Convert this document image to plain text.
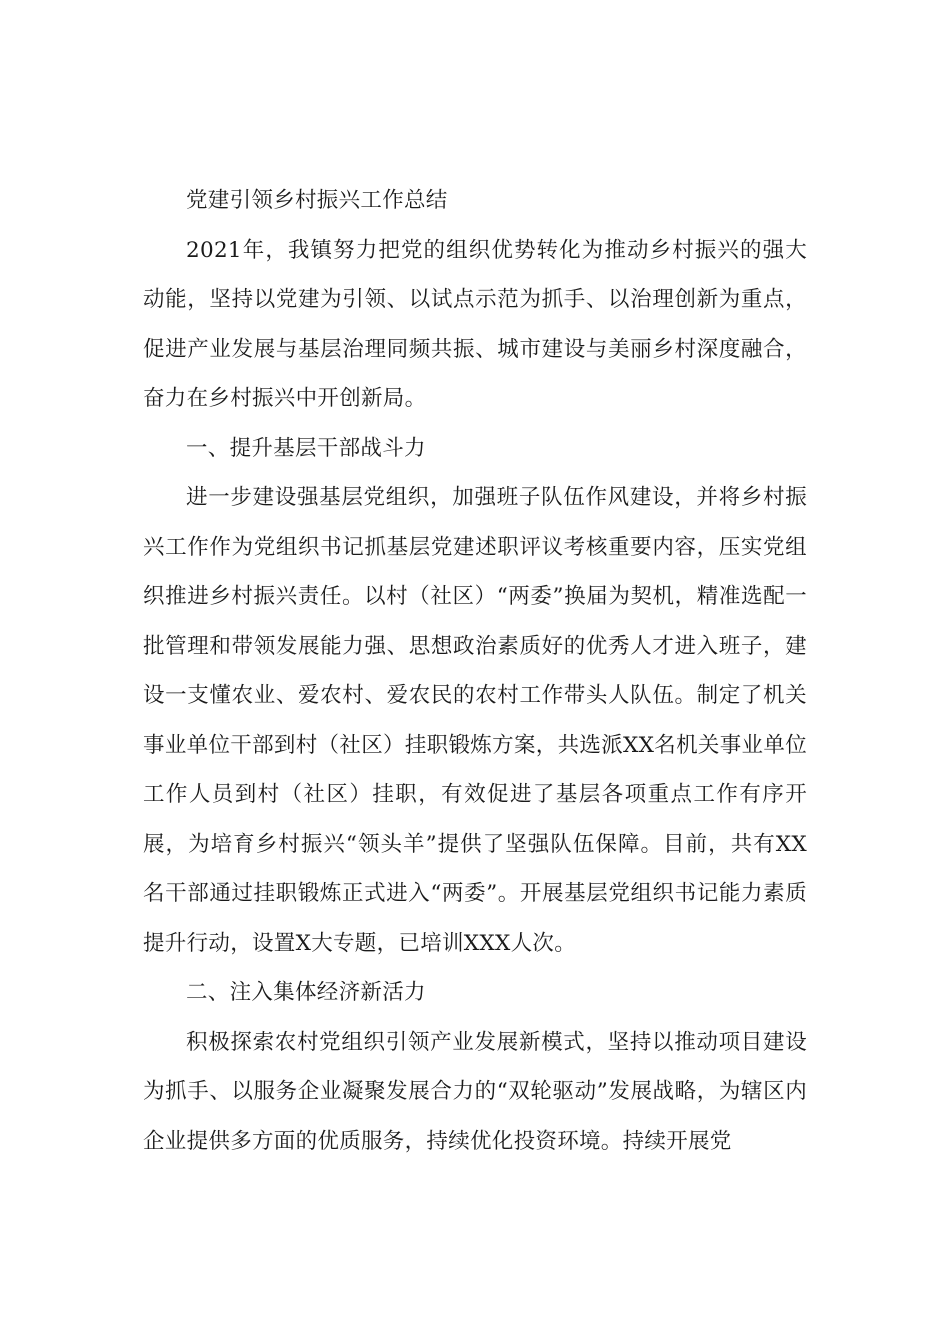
党建引领乡村振兴工作总结

2021年，我镇努力把党的组织优势转化为推动乡村振兴的强大动能，坚持以党建为引领、以试点示范为抓手、以治理创新为重点，促进产业发展与基层治理同频共振、城市建设与美丽乡村深度融合，奋力在乡村振兴中开创新局。

一、提升基层干部战斗力

进一步建设强基层党组织，加强班子队伍作风建设，并将乡村振兴工作作为党组织书记抓基层党建述职评议考核重要内容，压实党组织推进乡村振兴责任。以村（社区）“两委”换届为契机，精准选配一批管理和带领发展能力强、思想政治素质好的优秀人才进入班子，建设一支懂农业、爱农村、爱农民的农村工作带头人队伍。制定了机关事业单位干部到村（社区）挂职锻炼方案，共选派XX名机关事业单位工作人员到村（社区）挂职，有效促进了基层各项重点工作有序开展，为培育乡村振兴“领头羊”提供了坚强队伍保障。目前，共有XX名干部通过挂职锻炼正式进入“两委”。开展基层党组织书记能力素质提升行动，设置X大专题，已培训XXX人次。

二、注入集体经济新活力

积极探索农村党组织引领产业发展新模式，坚持以推动项目建设为抓手、以服务企业凝聚发展合力的“双轮驱动”发展战略，为辖区内企业提供多方面的优质服务，持续优化投资环境。持续开展党
